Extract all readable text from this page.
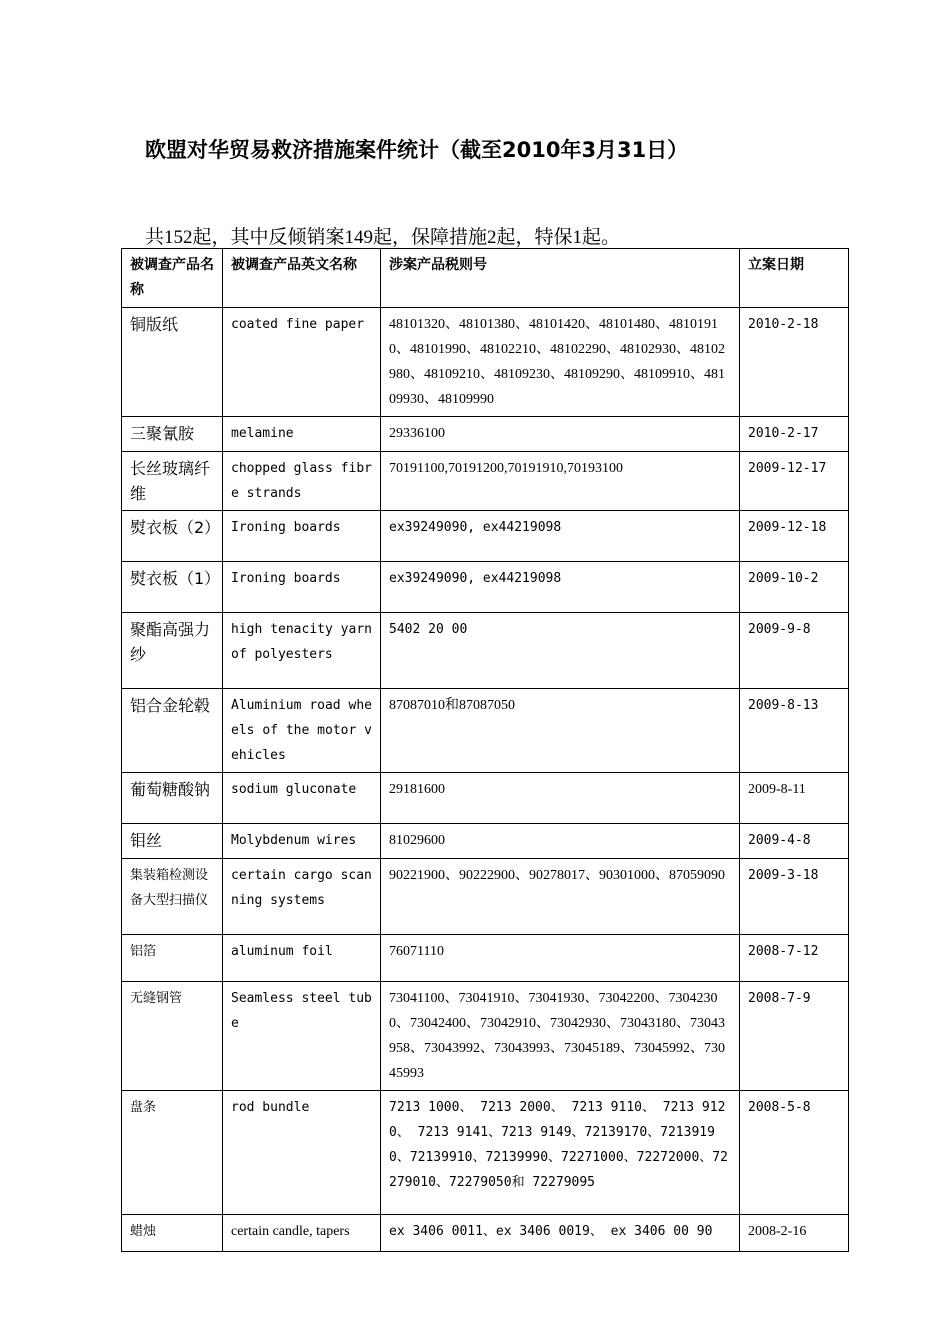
欧盟对华贸易救济措施案件统计（截至2010年3月31日）
共152起，其中反倾销案149起，保障措施2起，特保1起。
被调查产品名称	被调查产品英文名称	涉案产品税则号	立案日期
铜版纸	coated fine paper	48101320、48101380、48101420、48101480、48101910、48101990、48102210、48102290、48102930、48102980、48109210、48109230、48109290、48109910、48109930、48109990	2010-2-18
三聚氰胺	melamine	29336100	2010-2-17
长丝玻璃纤维	chopped glass fibre strands	70191100,70191200,70191910,70193100	2009-12-17
熨衣板（2）	Ironing boards	ex39249090, ex44219098	2009-12-18
熨衣板（1）	Ironing boards	ex39249090, ex44219098	2009-10-2
聚酯高强力纱	high tenacity yarn of polyesters	5402 20 00	2009-9-8
铝合金轮毂	Aluminium road wheels of the motor vehicles	87087010和87087050	2009-8-13
葡萄糖酸钠	sodium gluconate	29181600	2009-8-11
钼丝	Molybdenum wires	81029600	2009-4-8
集装箱检测设备大型扫描仪	certain cargo scanning systems	90221900、90222900、90278017、90301000、87059090	2009-3-18
铝箔	aluminum foil	76071110	2008-7-12
无缝钢管	Seamless steel tube	73041100、73041910、73041930、73042200、73042300、73042400、73042910、73042930、73043180、73043958、73043992、73043993、73045189、73045992、73045993	2008-7-9
盘条	rod bundle	7213 1000、 7213 2000、 7213 9110、 7213 9120、 7213 9141、7213 9149、72139170、72139190、72139910、72139990、72271000、72272000、72279010、72279050和 72279095	2008-5-8
蜡烛	certain candle, tapers	ex 3406 0011、ex 3406 0019、 ex 3406 00 90	2008-2-16
